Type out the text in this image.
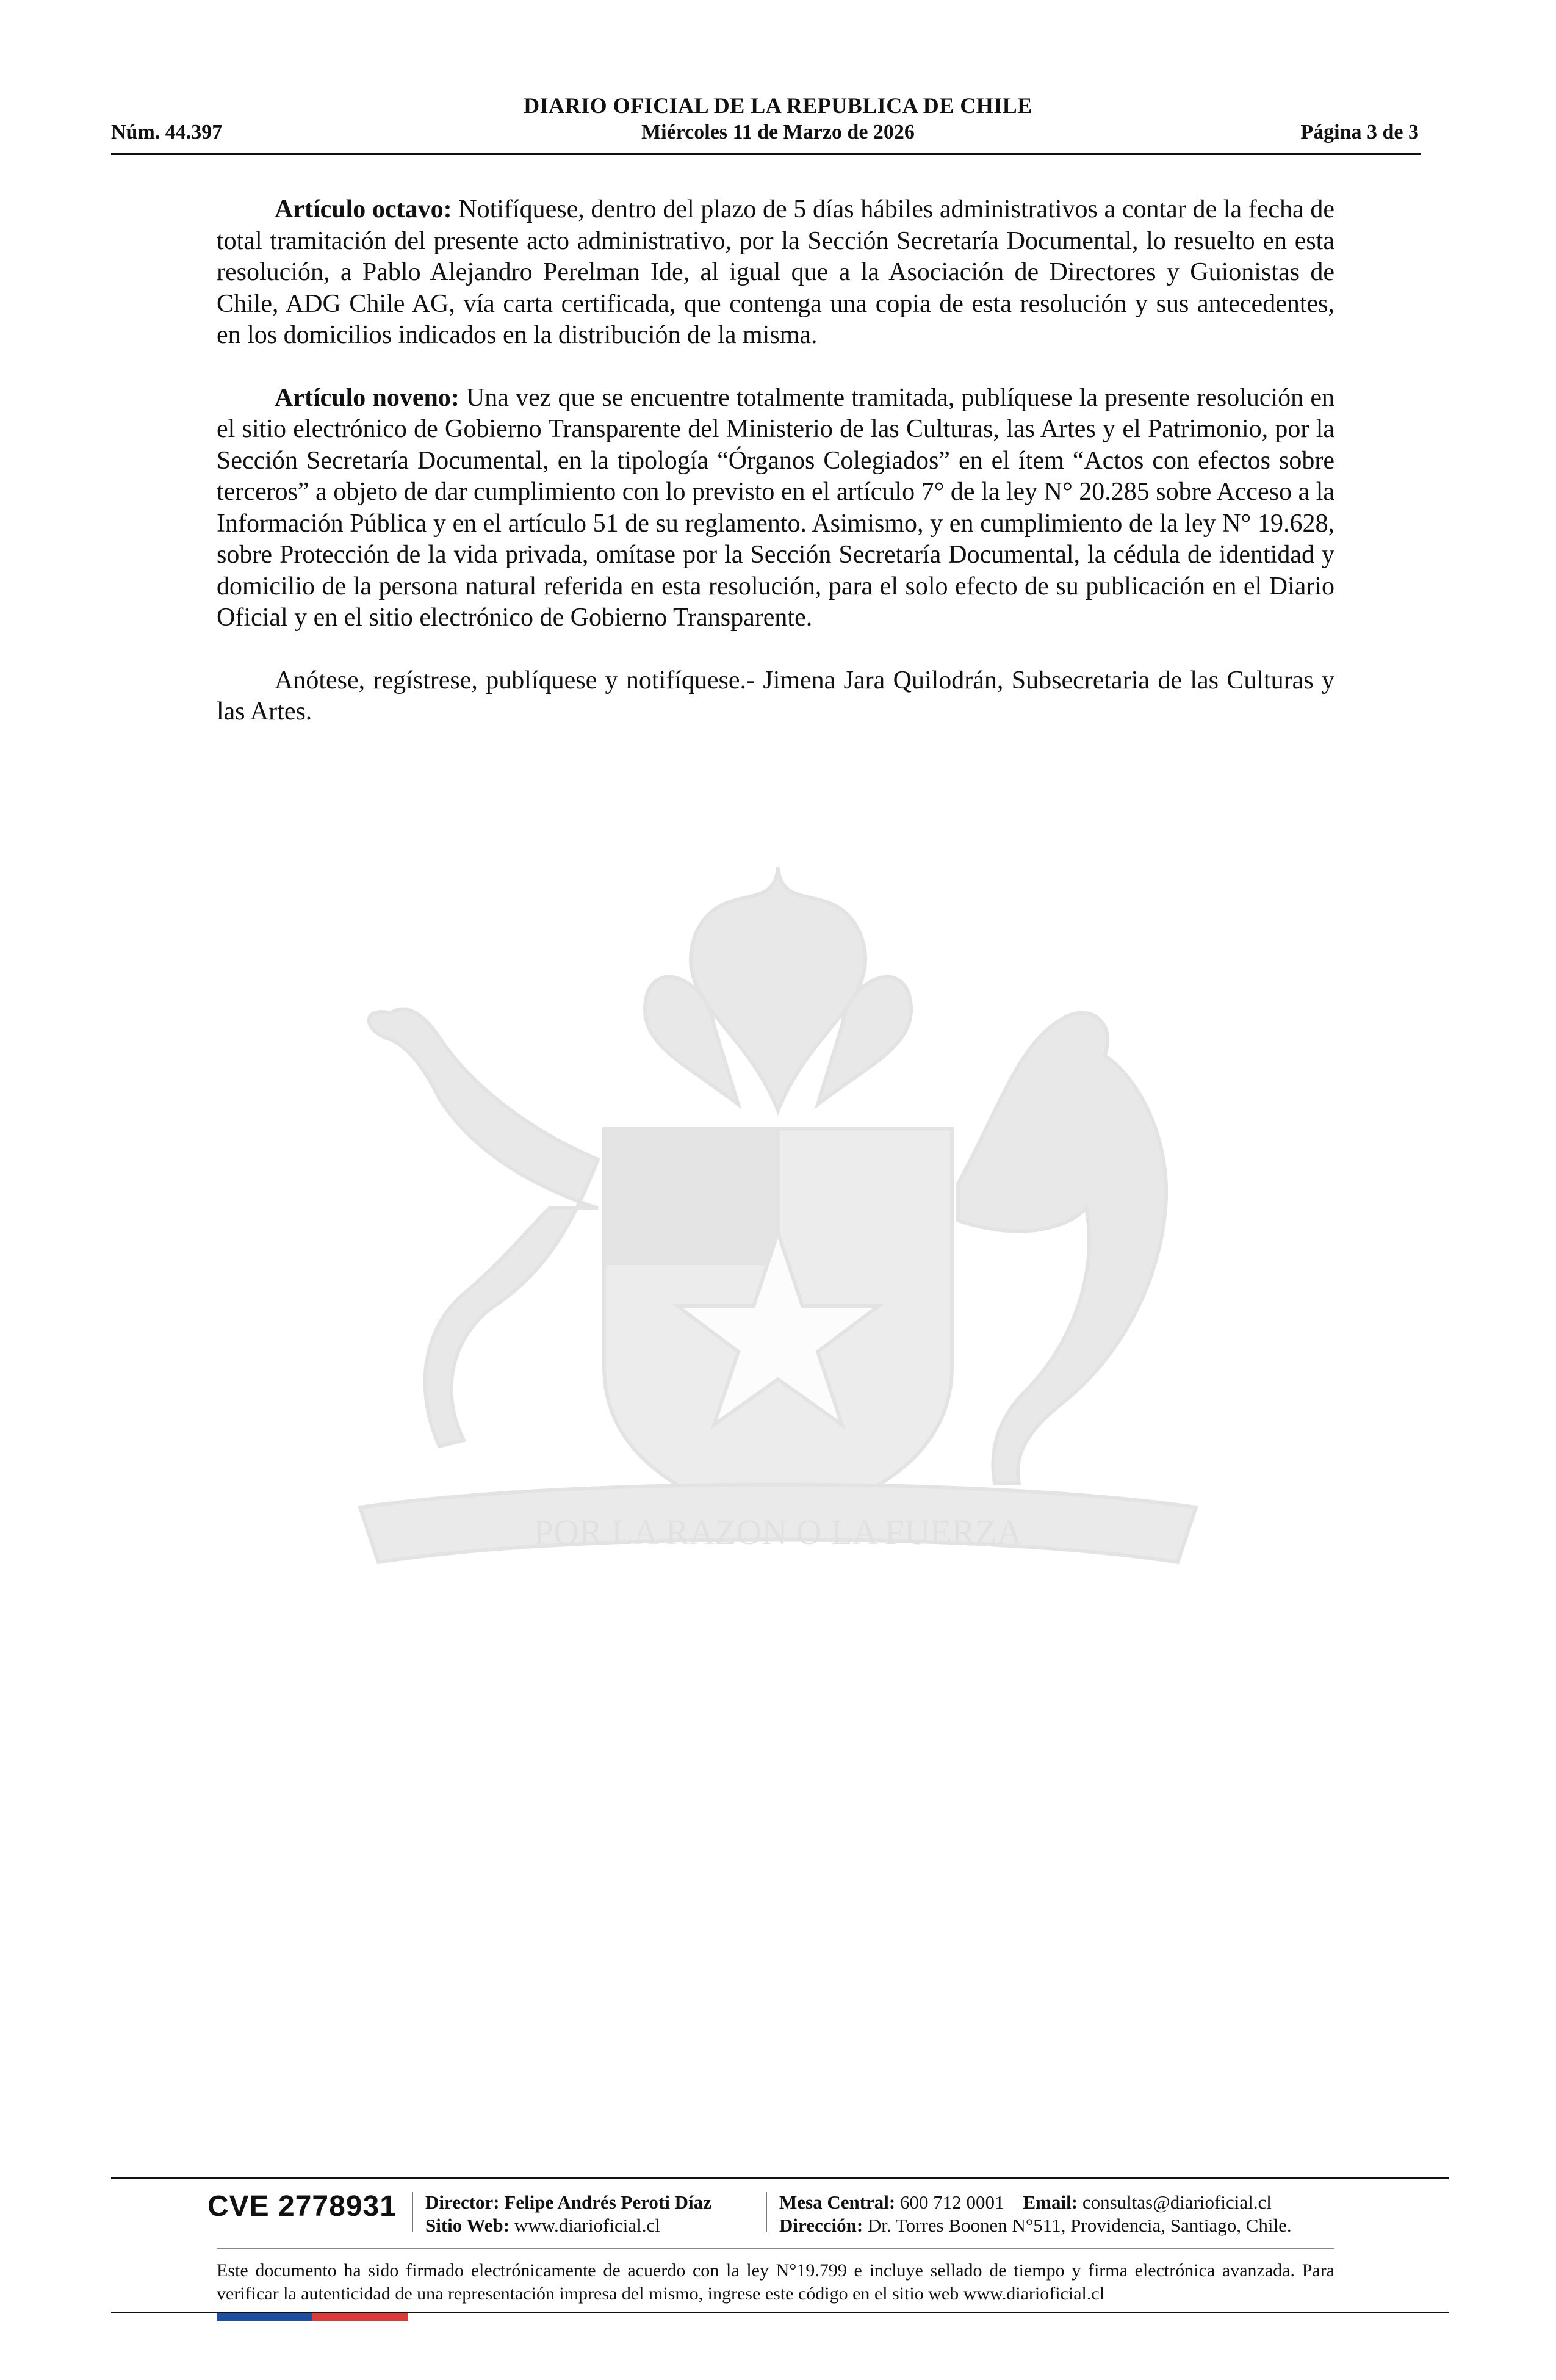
DIARIO OFICIAL DE LA REPUBLICA DE CHILE
Núm. 44.397	Miércoles 11 de Marzo de 2026	Página 3 de 3
POR LA RAZON O LA FUERZA

Artículo octavo: Notifíquese, dentro del plazo de 5 días hábiles administrativos a contar de la fecha de total tramitación del presente acto administrativo, por la Sección Secretaría Documental, lo resuelto en esta resolución, a Pablo Alejandro Perelman Ide, al igual que a la Asociación de Directores y Guionistas de Chile, ADG Chile AG, vía carta certificada, que contenga una copia de esta resolución y sus antecedentes, en los domicilios indicados en la distribución de la misma.

Artículo noveno: Una vez que se encuentre totalmente tramitada, publíquese la presente resolución en el sitio electrónico de Gobierno Transparente del Ministerio de las Culturas, las Artes y el Patrimonio, por la Sección Secretaría Documental, en la tipología “Órganos Colegiados” en el ítem “Actos con efectos sobre terceros” a objeto de dar cumplimiento con lo previsto en el artículo 7° de la ley N° 20.285 sobre Acceso a la Información Pública y en el artículo 51 de su reglamento. Asimismo, y en cumplimiento de la ley N° 19.628, sobre Protección de la vida privada, omítase por la Sección Secretaría Documental, la cédula de identidad y domicilio de la persona natural referida en esta resolución, para el solo efecto de su publicación en el Diario Oficial y en el sitio electrónico de Gobierno Transparente.

Anótese, regístrese, publíquese y notifíquese.- Jimena Jara Quilodrán, Subsecretaria de las Culturas y las Artes.

CVE 2778931 Director: Felipe Andrés Peroti Díaz
Sitio Web: www.diarioficial.cl
Mesa Central: 600 712 0001 Email: consultas@diarioficial.cl
Dirección: Dr. Torres Boonen N°511, Providencia, Santiago, Chile.
Este documento ha sido firmado electrónicamente de acuerdo con la ley N°19.799 e incluye sellado de tiempo y firma electrónica avanzada. Para verificar la autenticidad de una representación impresa del mismo, ingrese este código en el sitio web www.diarioficial.cl
